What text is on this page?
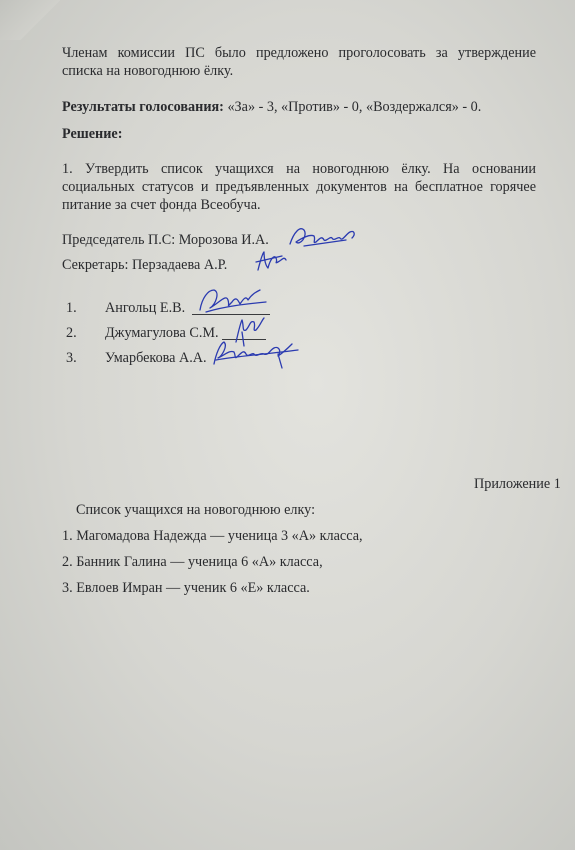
Членам комиссии ПС было предложено проголосовать за утверждение
списка на новогоднюю ёлку.
Результаты голосования: «За» - 3, «Против» - 0, «Воздержался» - 0.
Решение:
1. Утвердить список учащихся на новогоднюю ёлку. На основании
социальных статусов и предъявленных документов на бесплатное горячее
питание за счет фонда Всеобуча.
Председатель П.С: Морозова И.А.
Секретарь: Перзадаева А.Р.
1. Ангольц Е.В.
2. Джумагулова С.М.
3. Умарбекова А.А.
Приложение 1
Список учащихся на новогоднюю елку:
1. Магомадова Надежда — ученица 3 «А» класса,
2. Банник Галина — ученица 6 «А» класса,
3. Евлоев Имран — ученик 6 «Е» класса.
